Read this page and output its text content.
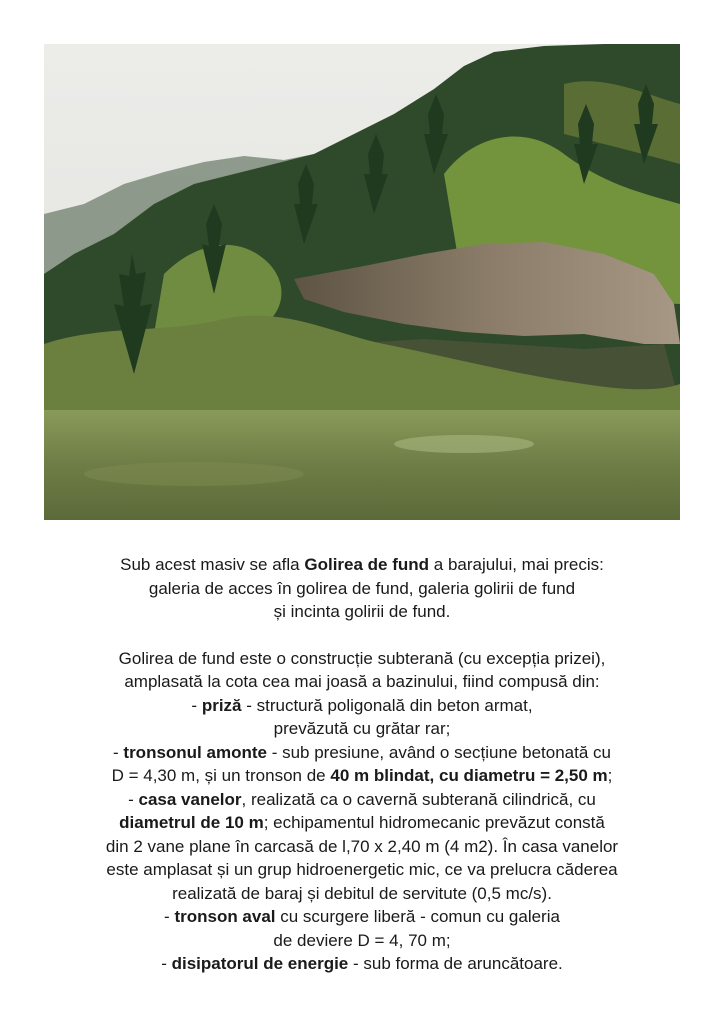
Sub acest masiv se afla Golirea de fund a barajului, mai precis:
galeria de acces în golirea de fund, galeria golirii de fund
și incinta golirii de fund.

Golirea de fund este o construcție subterană (cu excepția prizei),
amplasată la cota cea mai joasă a bazinului, fiind compusă din:
- priză - structură poligonală din beton armat,
prevăzută cu grătar rar;
- tronsonul amonte - sub presiune, având o secțiune betonată cu
D = 4,30 m, și un tronson de 40 m blindat, cu diametru = 2,50 m;
- casa vanelor, realizată ca o cavernă subterană cilindrică, cu
diametrul de 10 m; echipamentul hidromecanic prevăzut constă
din 2 vane plane în carcasă de l,70 x 2,40 m (4 m2). În casa vanelor
este amplasat și un grup hidroenergetic mic, ce va prelucra căderea
realizată de baraj și debitul de servitute (0,5 mc/s).
- tronson aval cu scurgere liberă - comun cu galeria
de deviere D = 4, 70 m;
- disipatorul de energie - sub forma de aruncătoare.
